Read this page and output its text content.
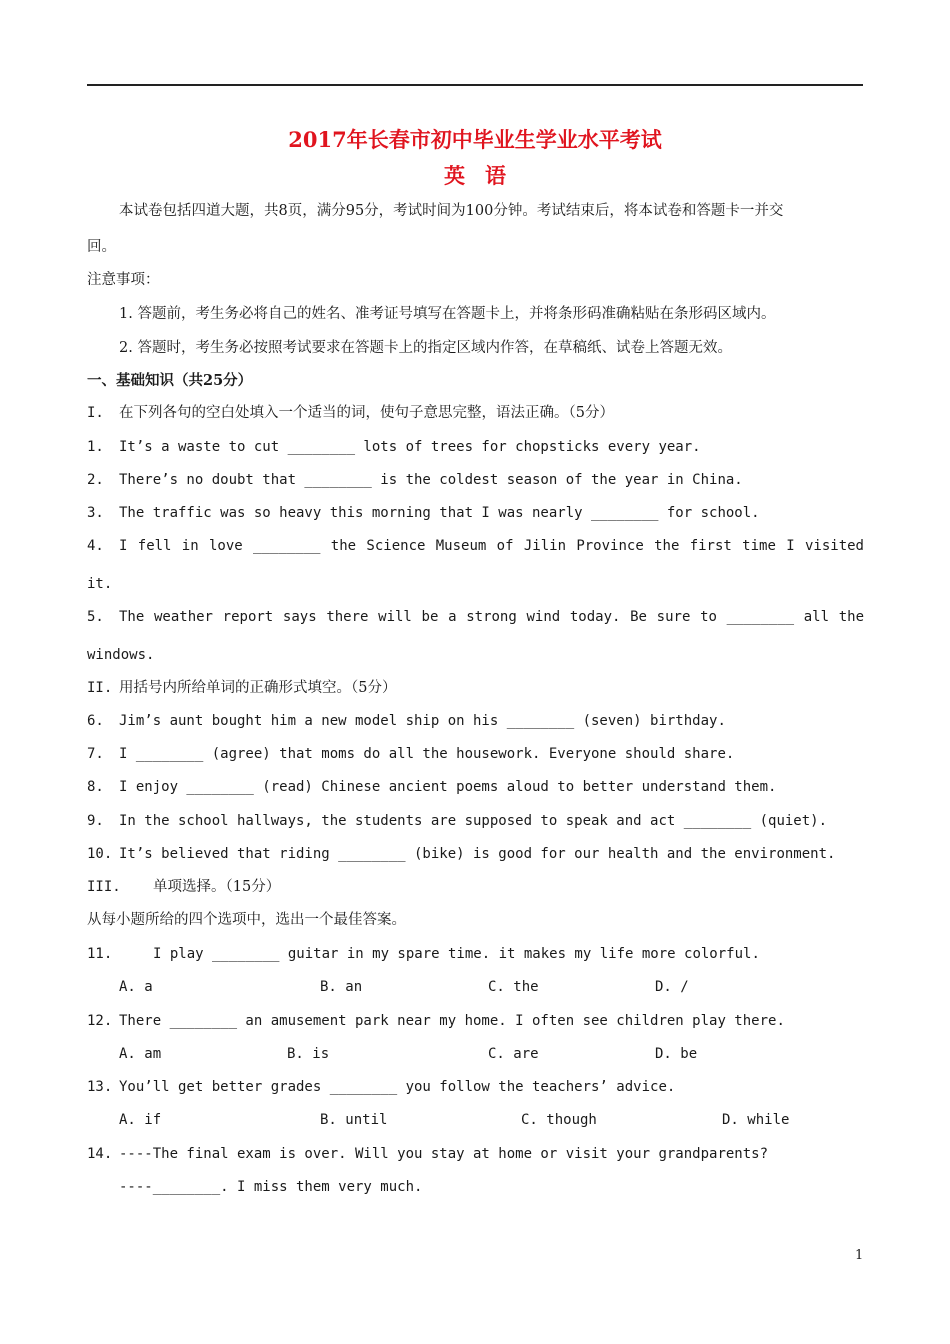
2017年长春市初中毕业生学业水平考试
英语
本试卷包括四道大题，共8页，满分95分，考试时间为100分钟。考试结束后，将本试卷和答题卡一并交
回。
注意事项：
1. 答题前，考生务必将自己的姓名、准考证号填写在答题卡上，并将条形码准确粘贴在条形码区域内。
2. 答题时，考生务必按照考试要求在答题卡上的指定区域内作答，在草稿纸、试卷上答题无效。
一、基础知识（共25分）
I. 在下列各句的空白处填入一个适当的词，使句子意思完整，语法正确。（5分）
1. It’s a waste to cut ________ lots of trees for chopsticks every year.
2. There’s no doubt that ________ is the coldest season of the year in China.
3. The traffic was so heavy this morning that I was nearly ________ for school.
4. I fell in love ________ the Science Museum of Jilin Province the first time I visited
it.
5. The weather report says there will be a strong wind today. Be sure to ________ all the
windows.
II. 用括号内所给单词的正确形式填空。（5分）
6. Jim’s aunt bought him a new model ship on his ________ (seven) birthday.
7. I ________ (agree) that moms do all the housework. Everyone should share.
8. I enjoy ________ (read) Chinese ancient poems aloud to better understand them.
9. In the school hallways, the students are supposed to speak and act ________ (quiet).
10. It’s believed that riding ________ (bike) is good for our health and the environment.
III. 单项选择。（15分）
从每小题所给的四个选项中，选出一个最佳答案。
11.	I play ________ guitar in my spare time. it makes my life more colorful.
A. a	B. an	C. the	D. /
12. There ________ an amusement park near my home. I often see children play there.
A. am	B. is	C. are	D. be
13. You’ll get better grades ________ you follow the teachers’ advice.
A. if	B. until	C. though	D. while
14. ----The final exam is over. Will you stay at home or visit your grandparents?
----________. I miss them very much.
1
